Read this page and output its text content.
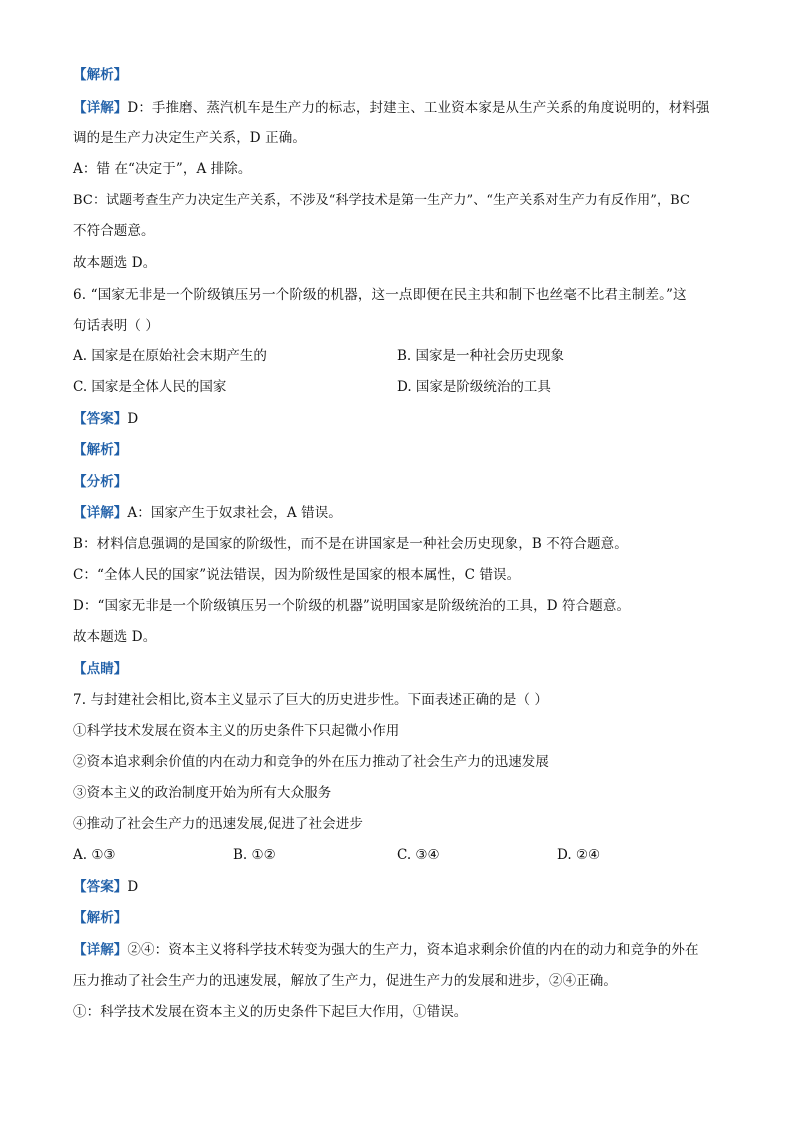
【解析】
【详解】D：手推磨、蒸汽机车是生产力的标志，封建主、工业资本家是从生产关系的角度说明的，材料强
调的是生产力决定生产关系，D 正确。
A：错 在“决定于”，A 排除。
BC：试题考查生产力决定生产关系，不涉及“科学技术是第一生产力”、“生产关系对生产力有反作用”，BC
不符合题意。
故本题选 D。
6. “国家无非是一个阶级镇压另一个阶级的机器，这一点即便在民主共和制下也丝毫不比君主制差。”这
句话表明（ ）
A. 国家是在原始社会末期产生的	B. 国家是一种社会历史现象
C. 国家是全体人民的国家	D. 国家是阶级统治的工具
【答案】D
【解析】
【分析】
【详解】A：国家产生于奴隶社会，A 错误。
B：材料信息强调的是国家的阶级性，而不是在讲国家是一种社会历史现象，B 不符合题意。
C：“全体人民的国家”说法错误，因为阶级性是国家的根本属性，C 错误。
D：“国家无非是一个阶级镇压另一个阶级的机器”说明国家是阶级统治的工具，D 符合题意。
故本题选 D。
【点睛】
7. 与封建社会相比,资本主义显示了巨大的历史进步性。下面表述正确的是（ ）
①科学技术发展在资本主义的历史条件下只起微小作用
②资本追求剩余价值的内在动力和竞争的外在压力推动了社会生产力的迅速发展
③资本主义的政治制度开始为所有大众服务
④推动了社会生产力的迅速发展,促进了社会进步
A. ①③	B. ①②	C. ③④	D. ②④
【答案】D
【解析】
【详解】②④：资本主义将科学技术转变为强大的生产力，资本追求剩余价值的内在的动力和竞争的外在
压力推动了社会生产力的迅速发展，解放了生产力，促进生产力的发展和进步，②④正确。
①：科学技术发展在资本主义的历史条件下起巨大作用，①错误。
